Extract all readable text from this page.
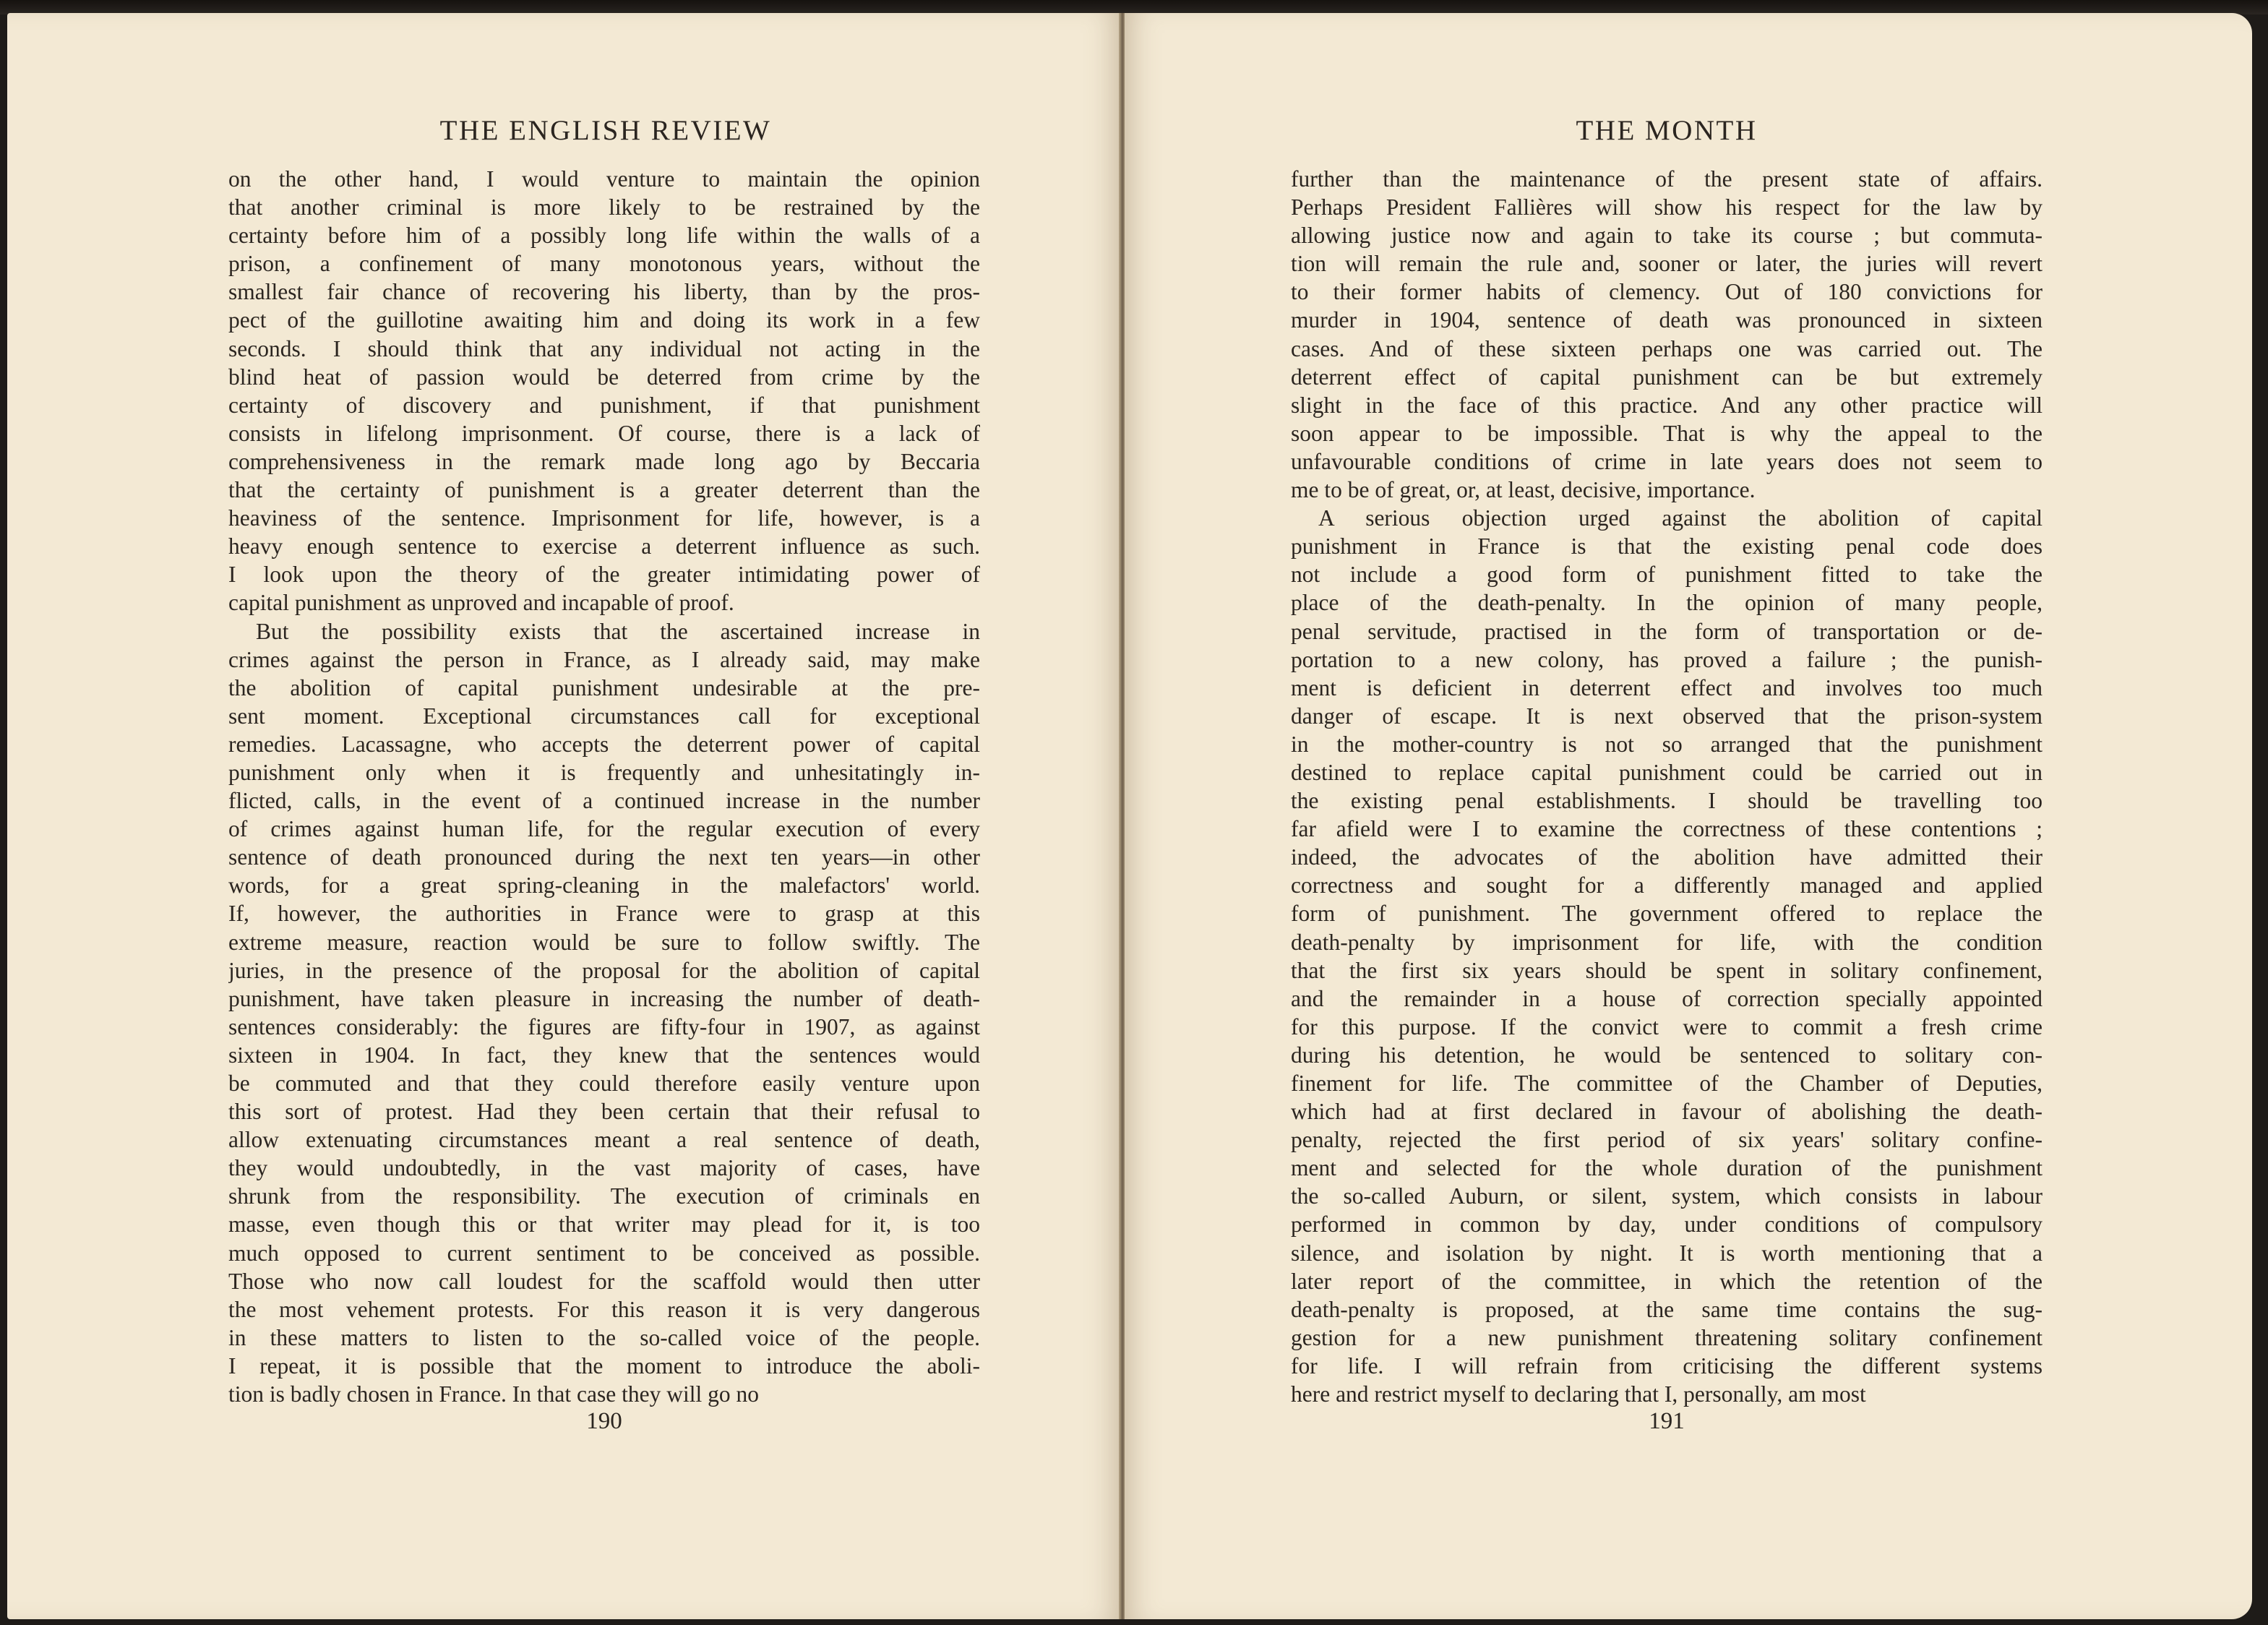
THE ENGLISH REVIEW
on the other hand, I would venture to maintain the opinion
that another criminal is more likely to be restrained by the
certainty before him of a possibly long life within the walls of a
prison, a confinement of many monotonous years, without the
smallest fair chance of recovering his liberty, than by the pros-
pect of the guillotine awaiting him and doing its work in a few
seconds. I should think that any individual not acting in the
blind heat of passion would be deterred from crime by the
certainty of discovery and punishment, if that punishment
consists in lifelong imprisonment. Of course, there is a lack of
comprehensiveness in the remark made long ago by Beccaria
that the certainty of punishment is a greater deterrent than the
heaviness of the sentence. Imprisonment for life, however, is a
heavy enough sentence to exercise a deterrent influence as such.
I look upon the theory of the greater intimidating power of
capital punishment as unproved and incapable of proof.
But the possibility exists that the ascertained increase in
crimes against the person in France, as I already said, may make
the abolition of capital punishment undesirable at the pre-
sent moment. Exceptional circumstances call for exceptional
remedies. Lacassagne, who accepts the deterrent power of capital
punishment only when it is frequently and unhesitatingly in-
flicted, calls, in the event of a continued increase in the number
of crimes against human life, for the regular execution of every
sentence of death pronounced during the next ten years—in other
words, for a great spring-cleaning in the malefactors' world.
If, however, the authorities in France were to grasp at this
extreme measure, reaction would be sure to follow swiftly. The
juries, in the presence of the proposal for the abolition of capital
punishment, have taken pleasure in increasing the number of death-
sentences considerably: the figures are fifty-four in 1907, as against
sixteen in 1904. In fact, they knew that the sentences would
be commuted and that they could therefore easily venture upon
this sort of protest. Had they been certain that their refusal to
allow extenuating circumstances meant a real sentence of death,
they would undoubtedly, in the vast majority of cases, have
shrunk from the responsibility. The execution of criminals en
masse, even though this or that writer may plead for it, is too
much opposed to current sentiment to be conceived as possible.
Those who now call loudest for the scaffold would then utter
the most vehement protests. For this reason it is very dangerous
in these matters to listen to the so-called voice of the people.
I repeat, it is possible that the moment to introduce the aboli-
tion is badly chosen in France. In that case they will go no

190

THE MONTH
further than the maintenance of the present state of affairs.
Perhaps President Fallières will show his respect for the law by
allowing justice now and again to take its course ; but commuta-
tion will remain the rule and, sooner or later, the juries will revert
to their former habits of clemency. Out of 180 convictions for
murder in 1904, sentence of death was pronounced in sixteen
cases. And of these sixteen perhaps one was carried out. The
deterrent effect of capital punishment can be but extremely
slight in the face of this practice. And any other practice will
soon appear to be impossible. That is why the appeal to the
unfavourable conditions of crime in late years does not seem to
me to be of great, or, at least, decisive, importance.
A serious objection urged against the abolition of capital
punishment in France is that the existing penal code does
not include a good form of punishment fitted to take the
place of the death-penalty. In the opinion of many people,
penal servitude, practised in the form of transportation or de-
portation to a new colony, has proved a failure ; the punish-
ment is deficient in deterrent effect and involves too much
danger of escape. It is next observed that the prison-system
in the mother-country is not so arranged that the punishment
destined to replace capital punishment could be carried out in
the existing penal establishments. I should be travelling too
far afield were I to examine the correctness of these contentions ;
indeed, the advocates of the abolition have admitted their
correctness and sought for a differently managed and applied
form of punishment. The government offered to replace the
death-penalty by imprisonment for life, with the condition
that the first six years should be spent in solitary confinement,
and the remainder in a house of correction specially appointed
for this purpose. If the convict were to commit a fresh crime
during his detention, he would be sentenced to solitary con-
finement for life. The committee of the Chamber of Deputies,
which had at first declared in favour of abolishing the death-
penalty, rejected the first period of six years' solitary confine-
ment and selected for the whole duration of the punishment
the so-called Auburn, or silent, system, which consists in labour
performed in common by day, under conditions of compulsory
silence, and isolation by night. It is worth mentioning that a
later report of the committee, in which the retention of the
death-penalty is proposed, at the same time contains the sug-
gestion for a new punishment threatening solitary confinement
for life. I will refrain from criticising the different systems
here and restrict myself to declaring that I, personally, am most

191
